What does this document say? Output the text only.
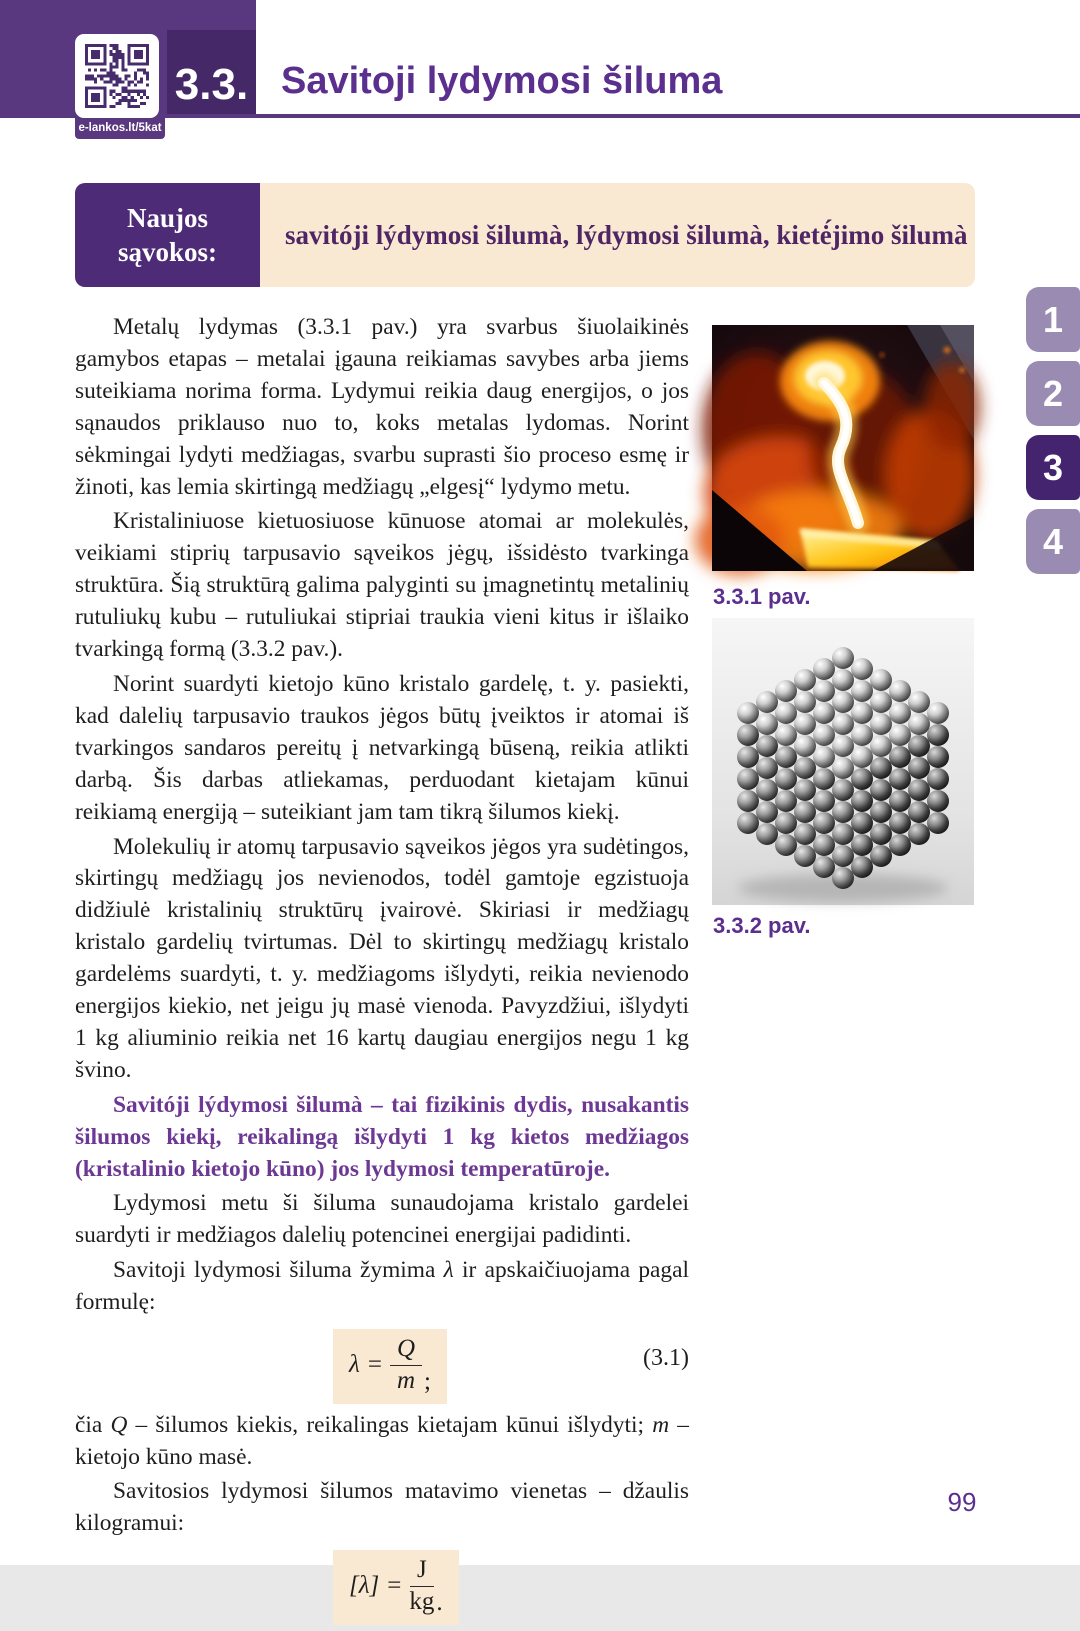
3.3.
e-lankos.lt/5kat
Savitoji lydymosi šiluma
Naujos
sąvokos:
savitóji lýdymosi šilumà, lýdymosi šilumà, kietė́jimo šilumà

Metalų lydymas (3.3.1 pav.) yra svarbus šiuolaikinės gamybos etapas – metalai įgauna reikiamas savybes arba jiems suteikiama norima forma. Lydymui reikia daug energijos, o jos sąnaudos priklauso nuo to, koks metalas lydomas. Norint sėkmingai lydyti medžiagas, svarbu suprasti šio proceso esmę ir žinoti, kas lemia skirtingą medžiagų „elgesį“ lydymo metu.

Kristaliniuose kietuosiuose kūnuose atomai ar molekulės, veikiami stiprių tarpusavio sąveikos jėgų, išsidėsto tvarkinga struktūra. Šią struktūrą galima palyginti su įmagnetintų metalinių rutuliukų kubu – rutuliukai stipriai traukia vieni kitus ir išlaiko tvarkingą formą (3.3.2 pav.).

Norint suardyti kietojo kūno kristalo gardelę, t. y. pasiekti, kad dalelių tarpusavio traukos jėgos būtų įveiktos ir atomai iš tvarkingos sandaros pereitų į netvarkingą būseną, reikia atlikti darbą. Šis darbas atliekamas, perduodant kietajam kūnui reikiamą energiją – suteikiant jam tam tikrą šilumos kiekį.

Molekulių ir atomų tarpusavio sąveikos jėgos yra sudėtingos, skirtingų medžiagų jos nevienodos, todėl gamtoje egzistuoja didžiulė kristalinių struktūrų įvairovė. Skiriasi ir medžiagų kristalo gardelių tvirtumas. Dėl to skirtingų medžiagų kristalo gardelėms suardyti, t. y. medžiagoms išlydyti, reikia nevienodo energijos kiekio, net jeigu jų masė vienoda. Pavyzdžiui, išlydyti 1 kg aliuminio reikia net 16 kartų daugiau energijos negu 1 kg švino.

Savitóji lýdymosi šilumà – tai fizikinis dydis, nusakantis šilumos kiekį, reikalingą išlydyti 1 kg kietos medžiagos (kristalinio kietojo kūno) jos lydymosi temperatūroje.

Lydymosi metu ši šiluma sunaudojama kristalo gardelei suardyti ir medžiagos dalelių potencinei energijai padidinti.

Savitoji lydymosi šiluma žymima λ ir apskaičiuojama pagal formulę:

$\lambda = \frac{Q}{m}$ ;
(3.1)

čia Q – šilumos kiekis, reikalingas kietajam kūnui išlydyti; m – kietojo kūno masė.

Savitosios lydymosi šilumos matavimo vienetas – džaulis kilogramui:

$[\lambda] = \frac{J}{kg}$ .
3.3.1 pav.
3.3.2 pav.
1
2
3
4
99
